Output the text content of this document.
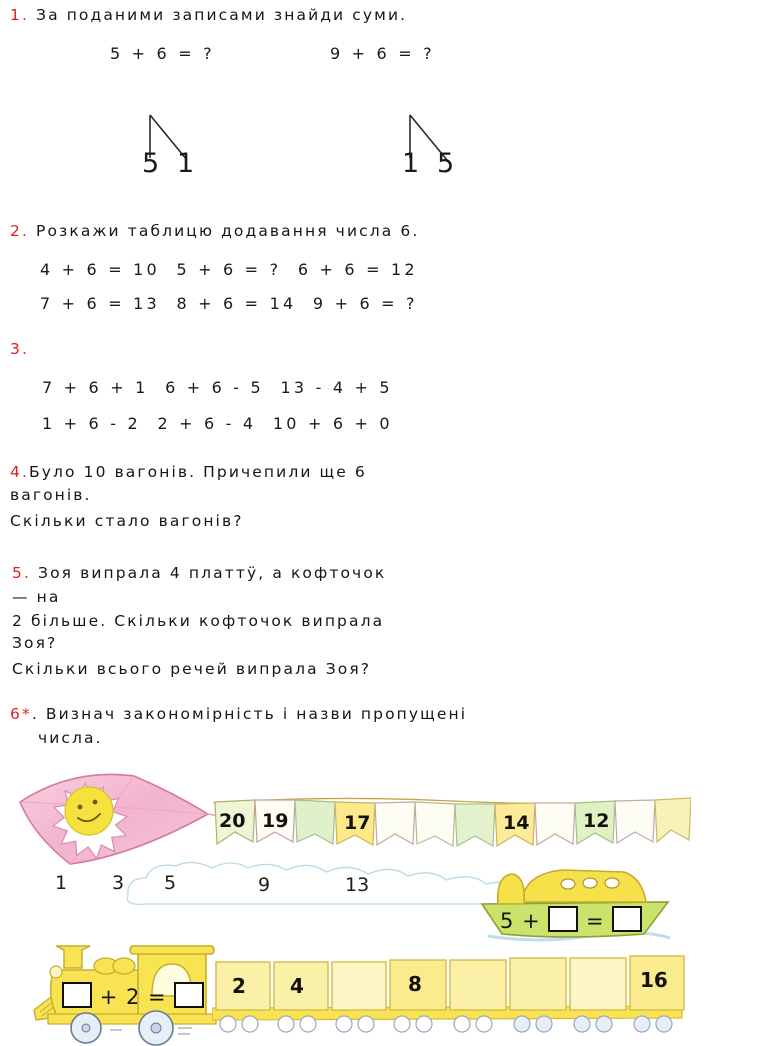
1. За поданими записами знайди суми.
5 + 6 = ?	9 + 6 = ?
5 1	1 5
2. Розкажи таблицю додавання числа 6.
4 + 6 = 10 5 + 6 = ? 6 + 6 = 12
7 + 6 = 13 8 + 6 = 14 9 + 6 = ?
3.
7 + 6 + 1 6 + 6 - 5 13 - 4 + 5
1 + 6 - 2 2 + 6 - 4 10 + 6 + 0
4.Було 10 вагонів. Причепили ще 6
вагонів.
Скільки стало вагонів?
5. Зоя випрала 4 платтÿ, а кофточок
— на
2 більше. Скільки кофточок випрала
Зоя?
Скільки всього речей випрала Зоя?
6*. Визнач закономірність і назви пропущені
числа.
20 19	17	14	12
1 3 5	9	13
5 + =
+ 2 =	2 4	8	16
